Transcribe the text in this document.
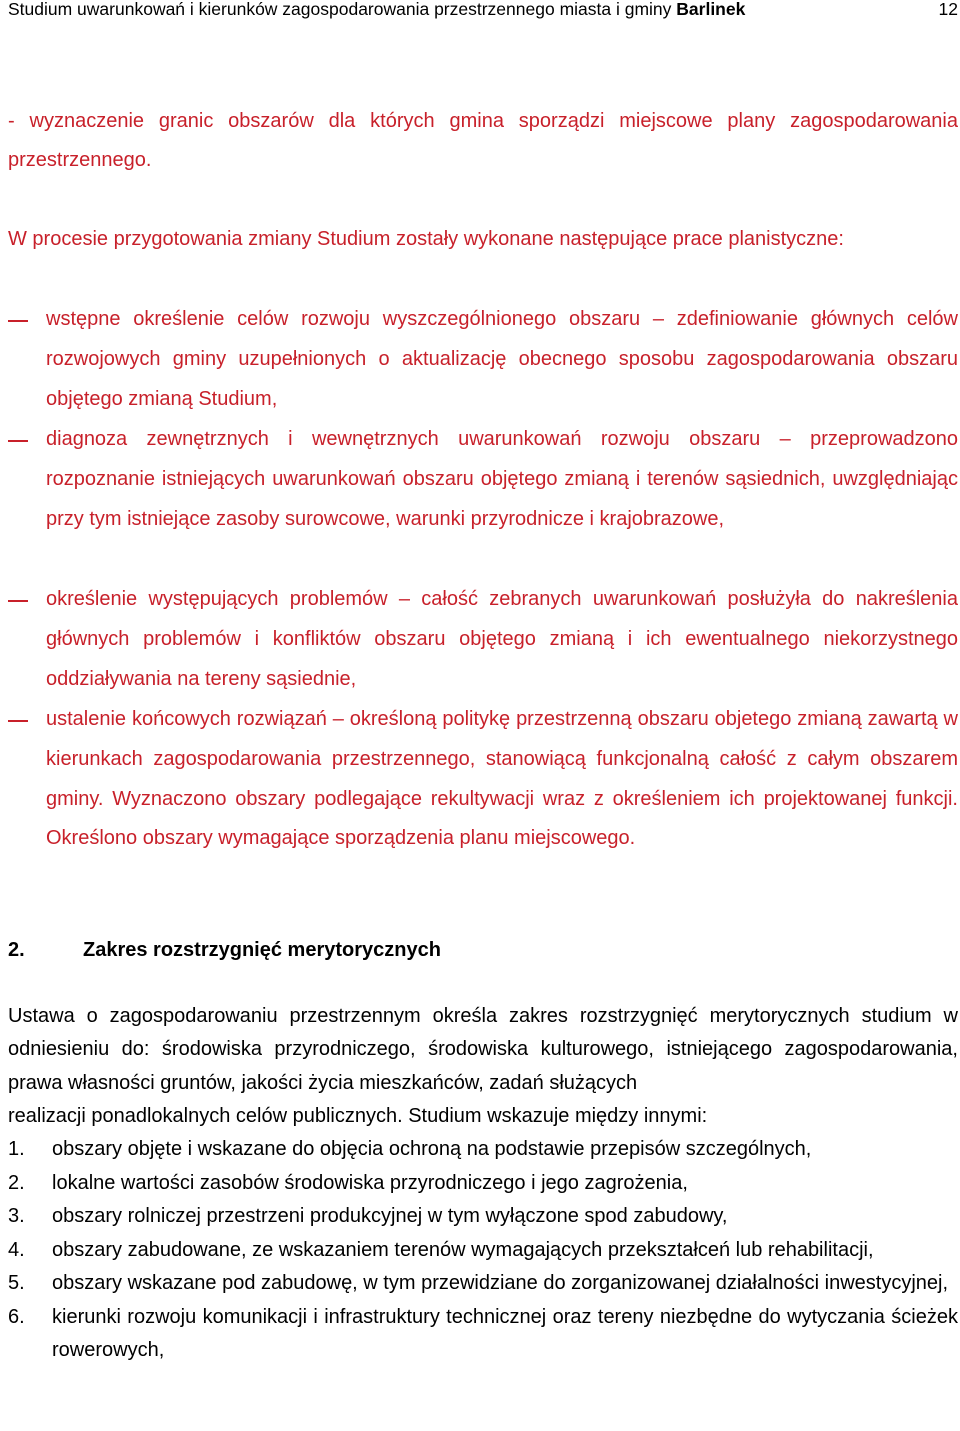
Studium uwarunkowań i kierunków zagospodarowania przestrzennego miasta i gminy Barlinek	12

- wyznaczenie granic obszarów dla których gmina sporządzi miejscowe plany zagospodarowania przestrzennego.

W procesie przygotowania zmiany Studium zostały wykonane następujące prace planistyczne:

wstępne określenie celów rozwoju wyszczególnionego obszaru – zdefiniowanie głównych celów rozwojowych gminy uzupełnionych o aktualizację obecnego sposobu zagospodarowania obszaru objętego zmianą Studium,
diagnoza zewnętrznych i wewnętrznych uwarunkowań rozwoju obszaru – przeprowadzono rozpoznanie istniejących uwarunkowań obszaru objętego zmianą i terenów sąsiednich, uwzględniając przy tym istniejące zasoby surowcowe, warunki przyrodnicze i krajobrazowe,
określenie występujących problemów – całość zebranych uwarunkowań posłużyła do nakreślenia głównych problemów i konfliktów obszaru objętego zmianą i ich ewentualnego niekorzystnego oddziaływania na tereny sąsiednie,
ustalenie końcowych rozwiązań – określoną politykę przestrzenną obszaru objetego zmianą zawartą w kierunkach zagospodarowania przestrzennego, stanowiącą funkcjonalną całość z całym obszarem gminy. Wyznaczono obszary podlegające rekultywacji wraz z określeniem ich projektowanej funkcji. Określono obszary wymagające sporządzenia planu miejscowego.
2.	Zakres rozstrzygnięć merytorycznych
Ustawa o zagospodarowaniu przestrzennym określa zakres rozstrzygnięć merytorycznych studium w odniesieniu do: środowiska przyrodniczego, środowiska kulturowego, istniejącego zagospodarowania, prawa własności gruntów, jakości życia mieszkańców, zadań służących
realizacji ponadlokalnych celów publicznych. Studium wskazuje między innymi:
1. obszary objęte i wskazane do objęcia ochroną na podstawie przepisów szczególnych,
2. lokalne wartości zasobów środowiska przyrodniczego i jego zagrożenia,
3. obszary rolniczej przestrzeni produkcyjnej w tym wyłączone spod zabudowy,
4. obszary zabudowane, ze wskazaniem terenów wymagających przekształceń lub rehabilitacji,
5. obszary wskazane pod zabudowę, w tym przewidziane do zorganizowanej działalności inwestycyjnej,
6. kierunki rozwoju komunikacji i infrastruktury technicznej oraz tereny niezbędne do wytyczania ścieżek rowerowych,
